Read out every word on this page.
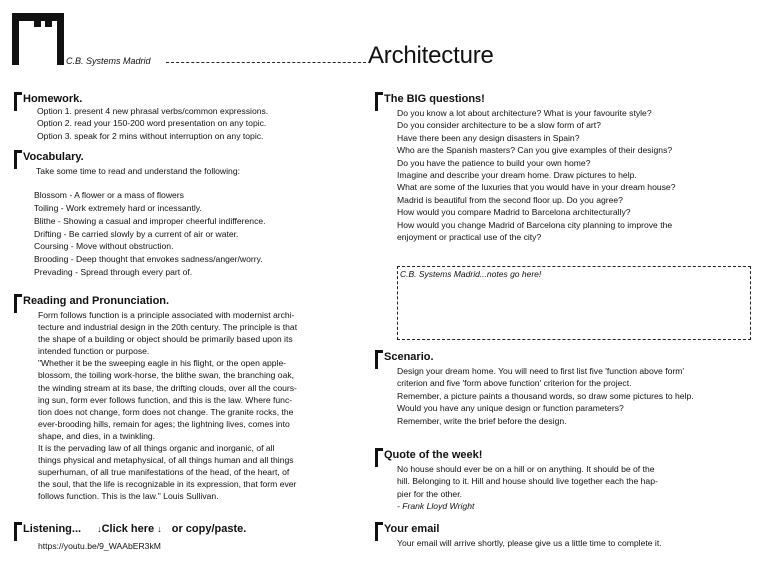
C.B. Systems Madrid	Architecture
Homework.
Option 1. present 4 new phrasal verbs/common expressions.
Option 2. read your 150-200 word presentation on any topic.
Option 3. speak for 2 mins without interruption on any topic.
Vocabulary.
Take some time to read and understand the following:
Blossom - A flower or a mass of flowers
Toiling - Work extremely hard or incessantly.
Blithe - Showing a casual and improper cheerful indifference.
Drifting - Be carried slowly by a current of air or water.
Coursing - Move without obstruction.
Brooding - Deep thought that envokes sadness/anger/worry.
Prevading - Spread through every part of.
Reading and Pronunciation.
Form follows function is a principle associated with modernist archi-
tecture and industrial design in the 20th century. The principle is that
the shape of a building or object should be primarily based upon its
intended function or purpose.
"Whether it be the sweeping eagle in his flight, or the open apple-
blossom, the toiling work-horse, the blithe swan, the branching oak,
the winding stream at its base, the drifting clouds, over all the cours-
ing sun, form ever follows function, and this is the law. Where func-
tion does not change, form does not change. The granite rocks, the
ever-brooding hills, remain for ages; the lightning lives, comes into
shape, and dies, in a twinkling.
It is the pervading law of all things organic and inorganic, of all
things physical and metaphysical, of all things human and all things
superhuman, of all true manifestations of the head, of the heart, of
the soul, that the life is recognizable in its expression, that form ever
follows function. This is the law." Louis Sullivan.
Listening... ↓Click here ↓ or copy/paste.
https://youtu.be/9_WAAbER3kM
The BIG questions!
Do you know a lot about architecture? What is your favourite style?
Do you consider architecture to be a slow form of art?
Have there been any design disasters in Spain?
Who are the Spanish masters? Can you give examples of their designs?
Do you have the patience to build your own home?
Imagine and describe your dream home. Draw pictures to help.
What are some of the luxuries that you would have in your dream house?
Madrid is beautiful from the second floor up. Do you agree?
How would you compare Madrid to Barcelona architecturally?
How would you change Madrid of Barcelona city planning to improve the
enjoyment or practical use of the city?
C.B. Systems Madrid...notes go here!
Scenario.
Design your dream home. You will need to first list five 'function above form'
criterion and five 'form above function' criterion for the project.
Remember, a picture paints a thousand words, so draw some pictures to help.
Would you have any unique design or function parameters?
Remember, write the brief before the design.
Quote of the week!
No house should ever be on a hill or on anything. It should be of the
hill. Belonging to it. Hill and house should live together each the hap-
pier for the other.
- Frank Lloyd Wright
Your email
Your email will arrive shortly, please give us a little time to complete it.
